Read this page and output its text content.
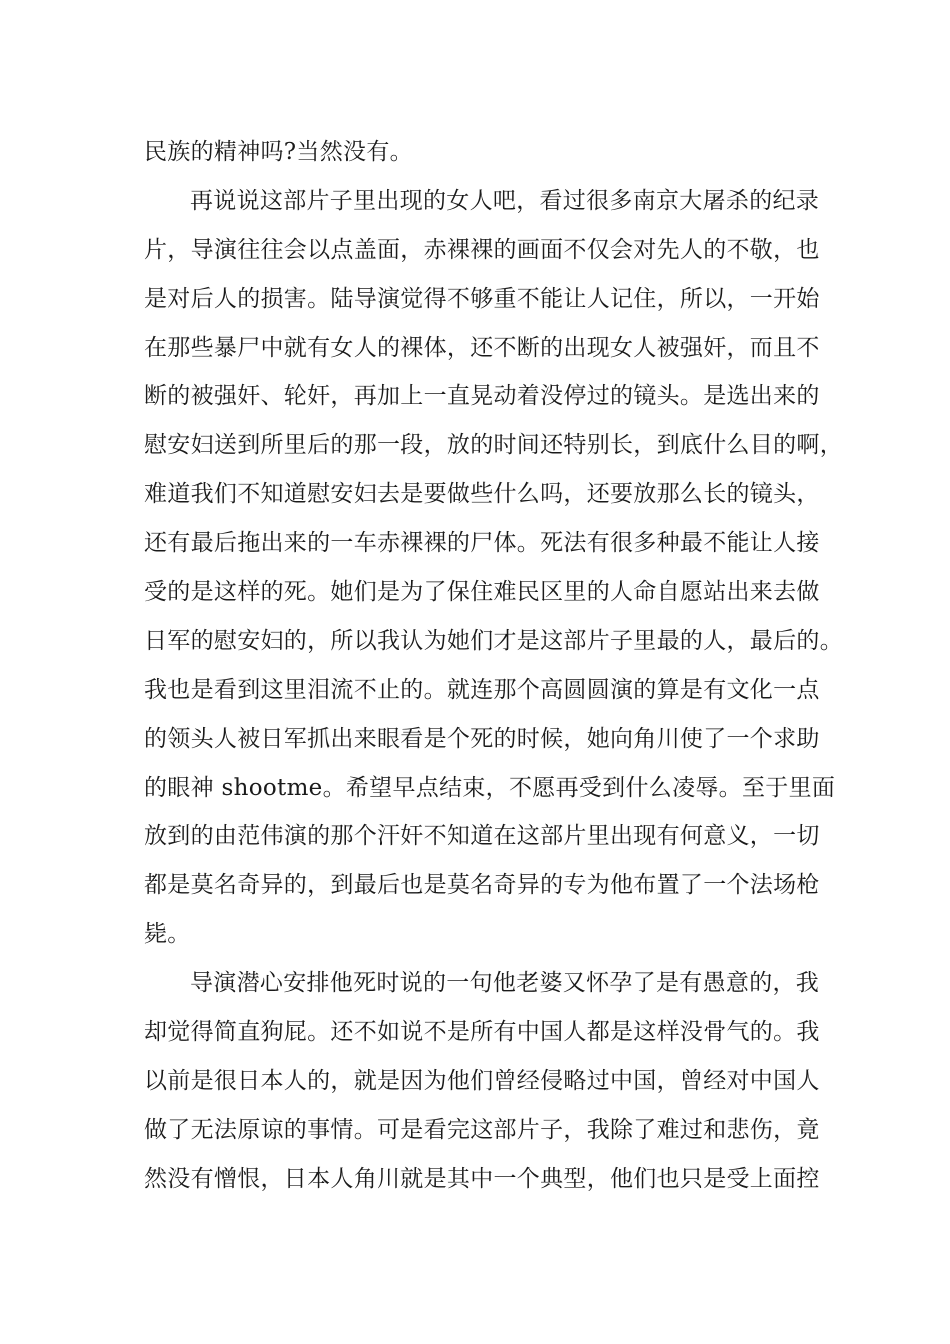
民族的精神吗?当然没有。
再说说这部片子里出现的女人吧，看过很多南京大屠杀的纪录
片，导演往往会以点盖面，赤裸裸的画面不仅会对先人的不敬，也
是对后人的损害。陆导演觉得不够重不能让人记住，所以，一开始
在那些暴尸中就有女人的裸体，还不断的出现女人被强奸，而且不
断的被强奸、轮奸，再加上一直晃动着没停过的镜头。是选出来的
慰安妇送到所里后的那一段，放的时间还特别长，到底什么目的啊，
难道我们不知道慰安妇去是要做些什么吗，还要放那么长的镜头，
还有最后拖出来的一车赤裸裸的尸体。死法有很多种最不能让人接
受的是这样的死。她们是为了保住难民区里的人命自愿站出来去做
日军的慰安妇的，所以我认为她们才是这部片子里最的人，最后的。
我也是看到这里泪流不止的。就连那个高圆圆演的算是有文化一点
的领头人被日军抓出来眼看是个死的时候，她向角川使了一个求助
的眼神 shootme。希望早点结束，不愿再受到什么凌辱。至于里面
放到的由范伟演的那个汗奸不知道在这部片里出现有何意义，一切
都是莫名奇异的，到最后也是莫名奇异的专为他布置了一个法场枪
毙。
导演潜心安排他死时说的一句他老婆又怀孕了是有愚意的，我
却觉得简直狗屁。还不如说不是所有中国人都是这样没骨气的。我
以前是很日本人的，就是因为他们曾经侵略过中国，曾经对中国人
做了无法原谅的事情。可是看完这部片子，我除了难过和悲伤，竟
然没有憎恨，日本人角川就是其中一个典型，他们也只是受上面控
